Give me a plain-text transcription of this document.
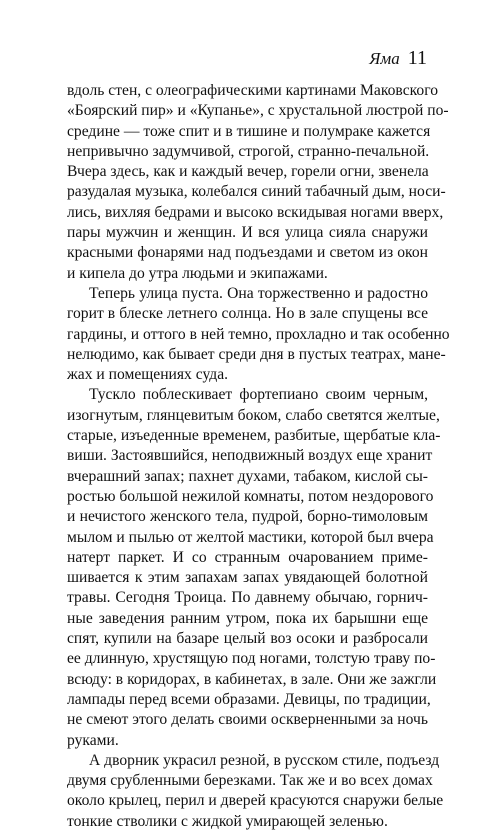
Яма 11

вдоль стен, с олеографическими картинами Маковского
«Боярский пир» и «Купанье», с хрустальной люстрой по-
средине — тоже спит и в тишине и полумраке кажется
непривычно задумчивой, строгой, странно-печальной.
Вчера здесь, как и каждый вечер, горели огни, звенела
разудалая музыка, колебался синий табачный дым, носи-
лись, вихляя бедрами и высоко вскидывая ногами вверх,
пары мужчин и женщин. И вся улица сияла снаружи
красными фонарями над подъездами и светом из окон
и кипела до утра людьми и экипажами.

Теперь улица пуста. Она торжественно и радостно
горит в блеске летнего солнца. Но в зале спущены все
гардины, и оттого в ней темно, прохладно и так особенно
нелюдимо, как бывает среди дня в пустых театрах, мане-
жах и помещениях суда.

Тускло поблескивает фортепиано своим черным,
изогнутым, глянцевитым боком, слабо светятся желтые,
старые, изъеденные временем, разбитые, щербатые кла-
виши. Застоявшийся, неподвижный воздух еще хранит
вчерашний запах; пахнет духами, табаком, кислой сы-
ростью большой нежилой комнаты, потом нездорового
и нечистого женского тела, пудрой, борно-тимоловым
мылом и пылью от желтой мастики, которой был вчера
натерт паркет. И со странным очарованием приме-
шивается к этим запахам запах увядающей болотной
травы. Сегодня Троица. По давнему обычаю, горнич-
ные заведения ранним утром, пока их барышни еще
спят, купили на базаре целый воз осоки и разбросали
ее длинную, хрустящую под ногами, толстую траву по-
всюду: в коридорах, в кабинетах, в зале. Они же зажгли
лампады перед всеми образами. Девицы, по традиции,
не смеют этого делать своими оскверненными за ночь
руками.

А дворник украсил резной, в русском стиле, подъезд
двумя срубленными березками. Так же и во всех домах
около крылец, перил и дверей красуются снаружи белые
тонкие стволики с жидкой умирающей зеленью.
